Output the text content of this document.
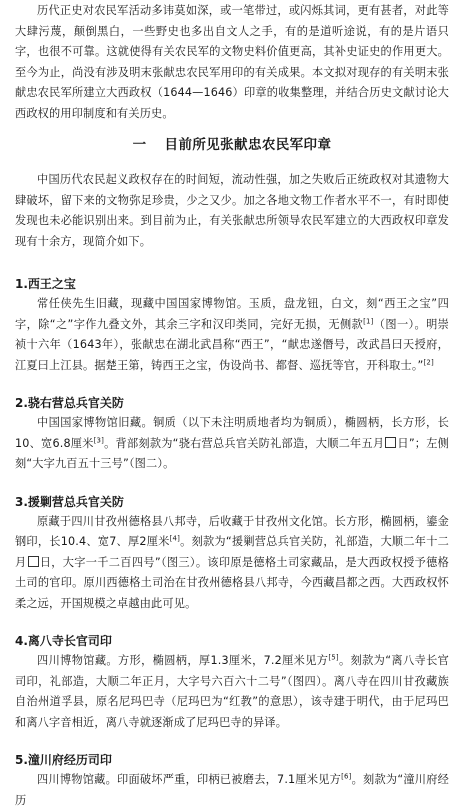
历代正史对农民军活动多讳莫如深，或一笔带过，或闪烁其词，更有甚者，对此等大肆污蔑，颠倒黑白，一些野史也多出自文人之手，有的是道听途说，有的是片语只字，也很不可靠。这就使得有关农民军的文物史料价值更高，其补史证史的作用更大。至今为止，尚没有涉及明末张献忠农民军用印的有关成果。本文拟对现存的有关明末张献忠农民军所建立大西政权（1644—1646）印章的收集整理，并结合历史文献讨论大西政权的用印制度和有关历史。

一 目前所见张献忠农民军印章

中国历代农民起义政权存在的时间短，流动性强，加之失败后正统政权对其遗物大肆破坏，留下来的文物弥足珍贵，少之又少。加之各地文物工作者水平不一，有时即使发现也未必能识别出来。到目前为止，有关张献忠所领导农民军建立的大西政权印章发现有十余方，现简介如下。

1.西王之宝

常任侠先生旧藏，现藏中国国家博物馆。玉质，盘龙钮，白文，刻“西王之宝”四字，除“之”字作九叠文外，其余三字和汉印类同，完好无损，无侧款[1]（图一）。明崇祯十六年（1643年），张献忠在湖北武昌称“西王”，“献忠遂僭号，改武昌曰天授府，江夏曰上江县。据楚王第，铸西王之宝，伪设尚书、都督、巡抚等官，开科取士。”[2]

2.骁右营总兵官关防

中国国家博物馆旧藏。铜质（以下未注明质地者均为铜质），椭圆柄，长方形，长10、宽6.8厘米[3]。背部刻款为“骁右营总兵官关防礼部造，大顺二年五月 日”；左侧刻“大字九百五十三号”（图二）。

3.援剿营总兵官关防

原藏于四川甘孜州德格县八邦寺，后收藏于甘孜州文化馆。长方形，椭圆柄，鎏金钢印，长10.4、宽7、厚2厘米[4]。刻款为“援剿营总兵官关防，礼部造，大顺二年十二月 日，大字一千二百四号”（图三）。该印原是德格土司家藏品，是大西政权授予德格土司的官印。原川西德格土司治在甘孜州德格县八邦寺，今西藏昌都之西。大西政权怀柔之远，开国规模之卓越由此可见。

4.离八寺长官司印

四川博物馆藏。方形，椭圆柄，厚1.3厘米，7.2厘米见方[5]。刻款为“离八寺长官司印，礼部造，大顺二年正月，大字号六百六十二号”（图四）。离八寺在四川甘孜藏族自治州道孚县，原名尼玛巴寺（尼玛巴为“红教”的意思），该寺建于明代，由于尼玛巴和离八字音相近，离八寺就逐渐成了尼玛巴寺的异译。

5.潼川府经历司印

四川博物馆藏。印面破坏严重，印柄已被磨去，7.1厘米见方[6]。刻款为“潼川府经历
